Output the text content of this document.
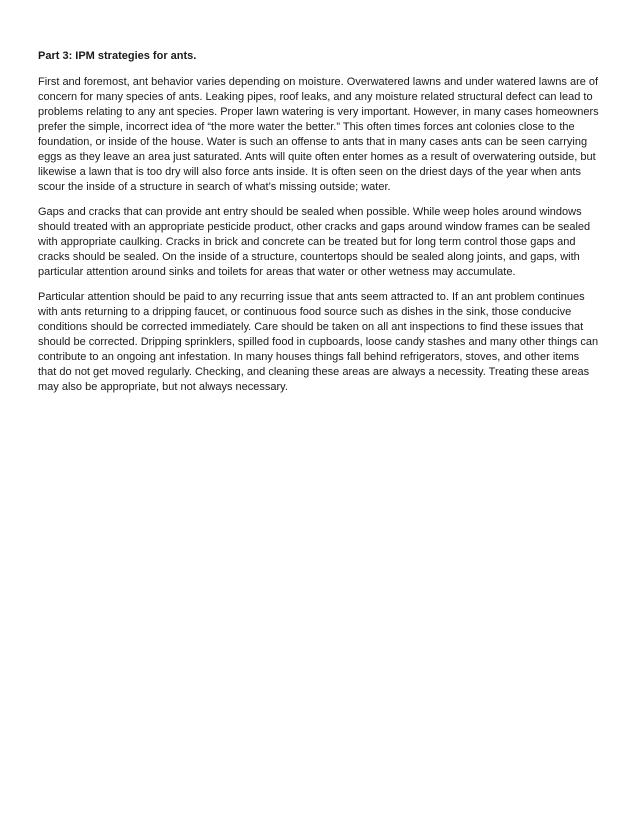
Part 3: IPM strategies for ants.

First and foremost, ant behavior varies depending on moisture. Overwatered lawns and under watered lawns are of concern for many species of ants. Leaking pipes, roof leaks, and any moisture related structural defect can lead to problems relating to any ant species. Proper lawn watering is very important. However, in many cases homeowners prefer the simple, incorrect idea of “the more water the better.” This often times forces ant colonies close to the foundation, or inside of the house. Water is such an offense to ants that in many cases ants can be seen carrying eggs as they leave an area just saturated. Ants will quite often enter homes as a result of overwatering outside, but likewise a lawn that is too dry will also force ants inside. It is often seen on the driest days of the year when ants scour the inside of a structure in search of what’s missing outside; water.

Gaps and cracks that can provide ant entry should be sealed when possible. While weep holes around windows should treated with an appropriate pesticide product, other cracks and gaps around window frames can be sealed with appropriate caulking. Cracks in brick and concrete can be treated but for long term control those gaps and cracks should be sealed. On the inside of a structure, countertops should be sealed along joints, and gaps, with particular attention around sinks and toilets for areas that water or other wetness may accumulate.

Particular attention should be paid to any recurring issue that ants seem attracted to. If an ant problem continues with ants returning to a dripping faucet, or continuous food source such as dishes in the sink, those conducive conditions should be corrected immediately. Care should be taken on all ant inspections to find these issues that should be corrected. Dripping sprinklers, spilled food in cupboards, loose candy stashes and many other things can contribute to an ongoing ant infestation. In many houses things fall behind refrigerators, stoves, and other items that do not get moved regularly. Checking, and cleaning these areas are always a necessity. Treating these areas may also be appropriate, but not always necessary.
